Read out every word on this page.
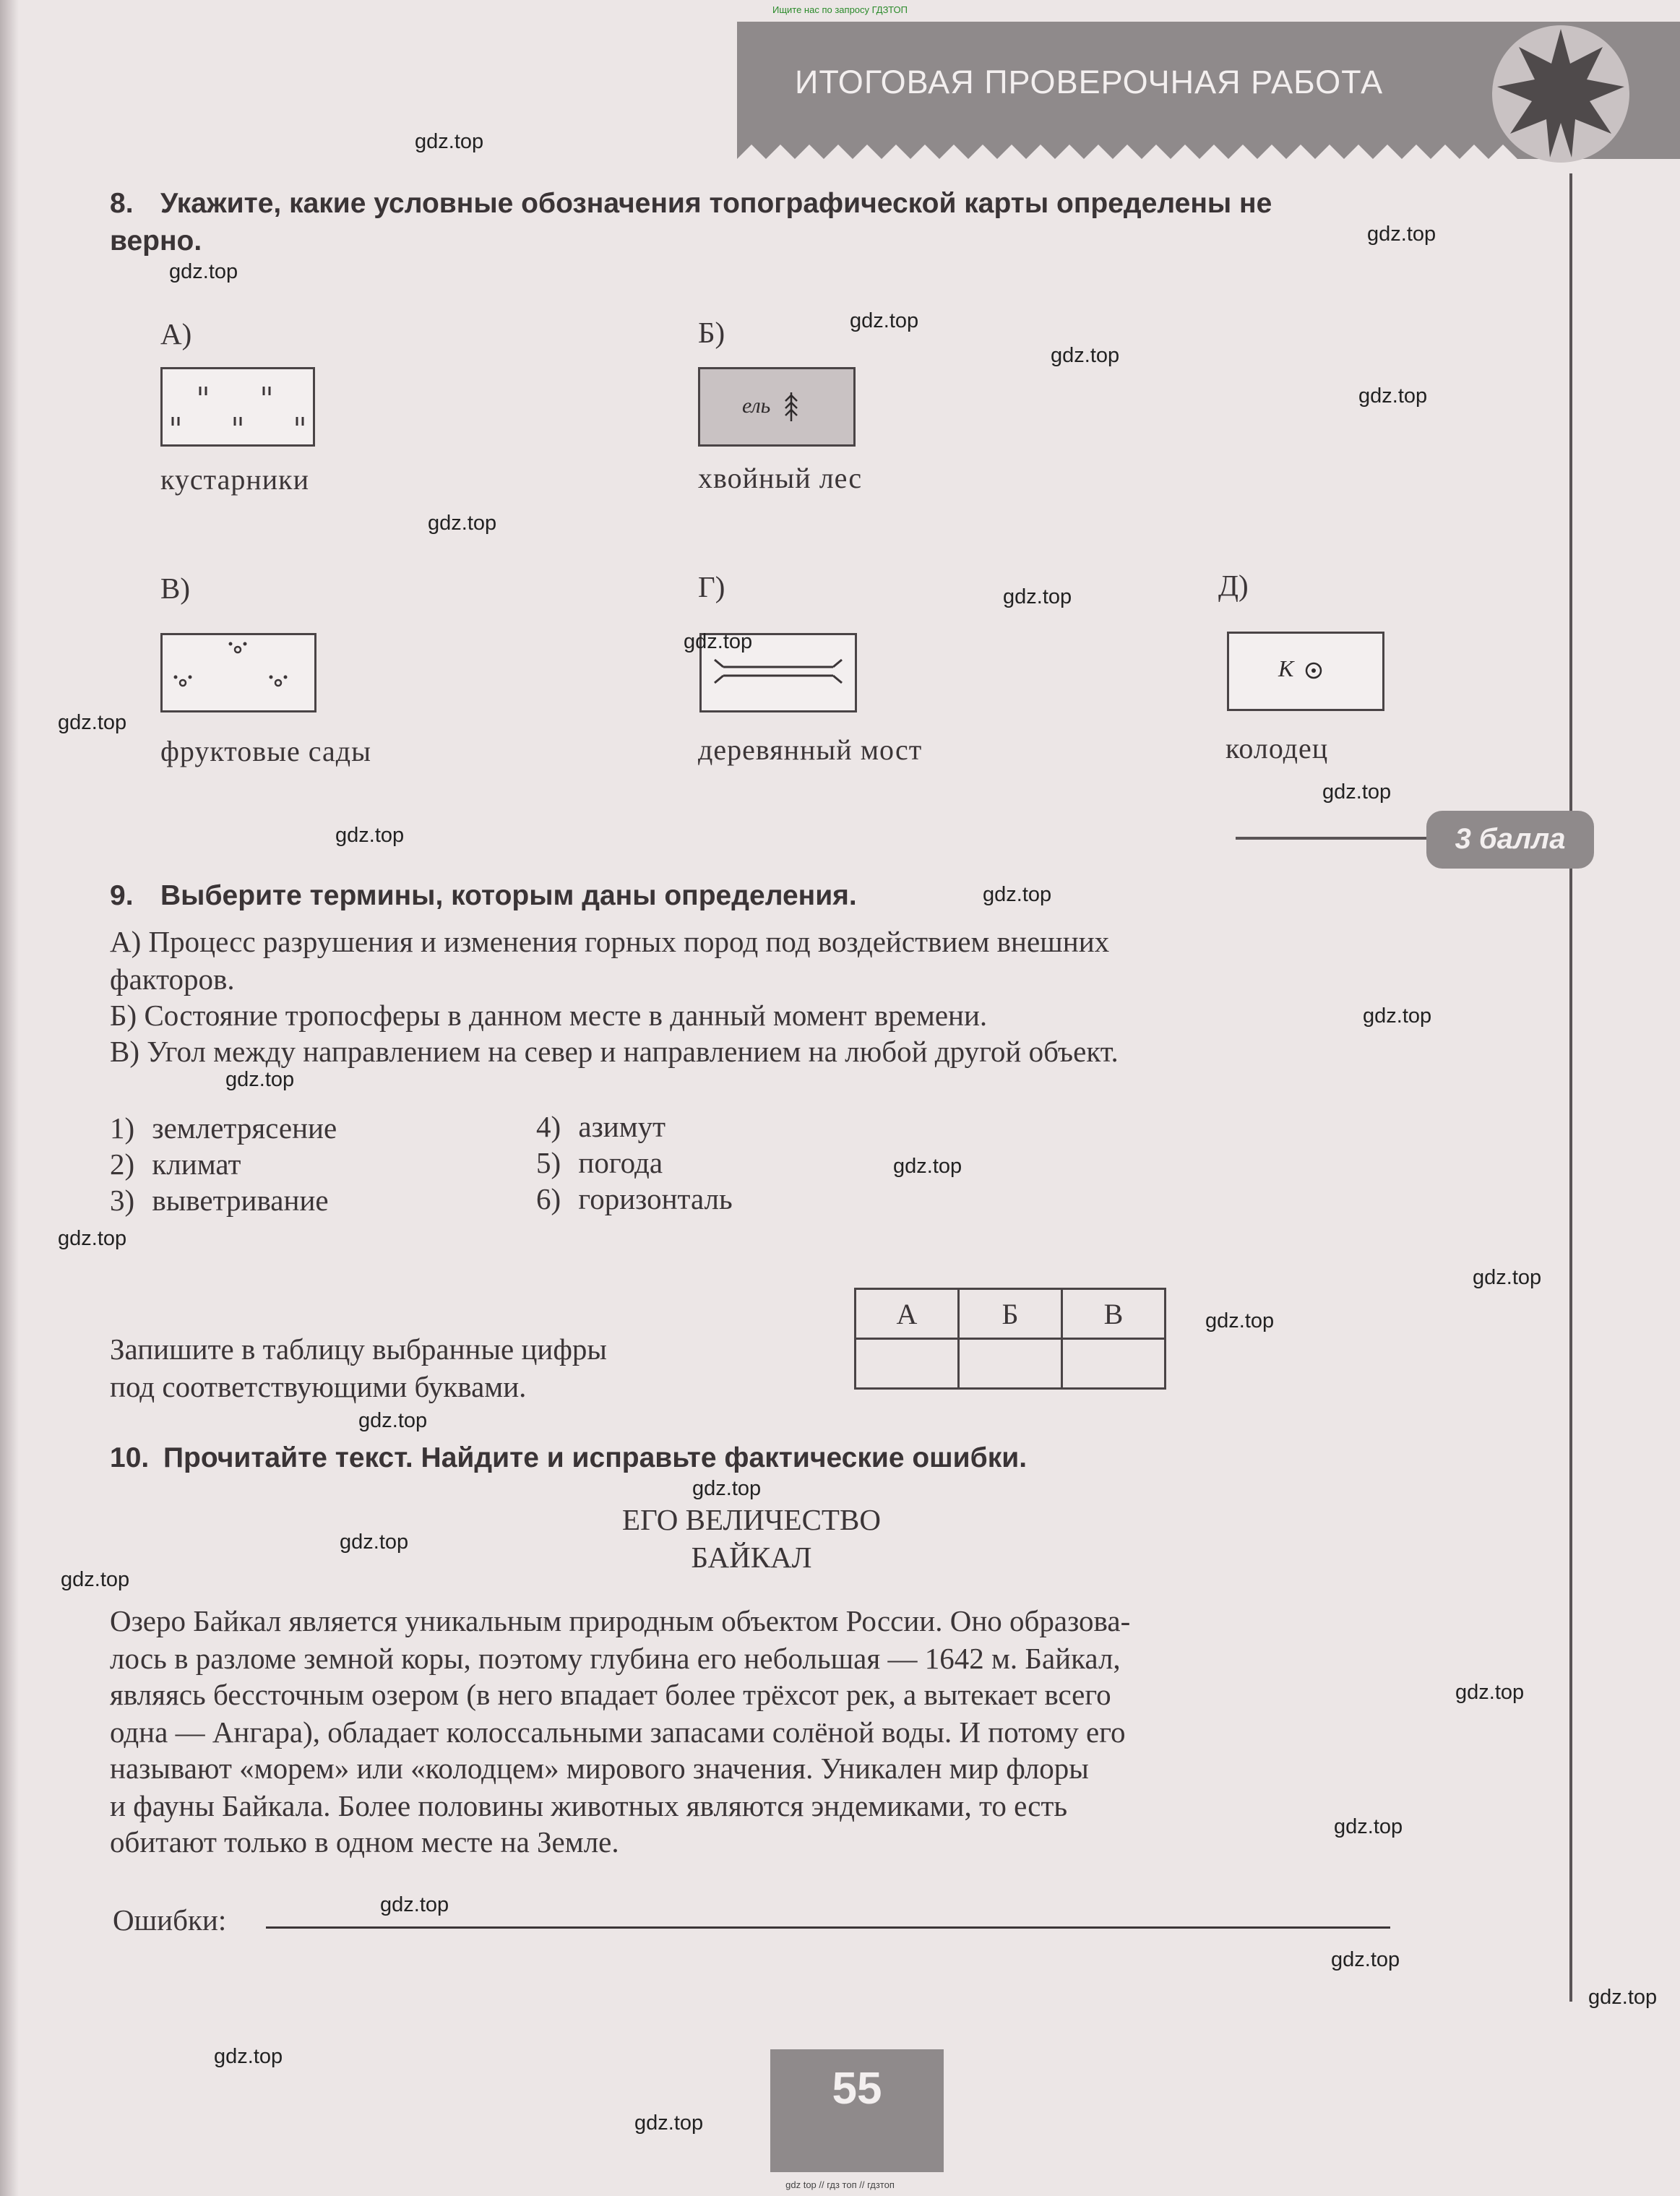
Ищите нас по запросу ГДЗТОП
ИТОГОВАЯ ПРОВЕРОЧНАЯ РАБОТА
8. Укажите, какие условные обозначения топографической карты определены не
верно.
А)
кустарники
Б)
ель
хвойный лес
В)
фруктовые сады
Г)
деревянный мост
Д)
К
колодец
3 балла
9. Выберите термины, которым даны определения.
А) Процесс разрушения и изменения горных пород под воздействием внешних
факторов.
Б) Состояние тропосферы в данном месте в данный момент времени.
В) Угол между направлением на север и направлением на любой другой объект.
1) землетрясение
2) климат
3) выветривание
4) азимут
5) погода
6) горизонталь
Запишите в таблицу выбранные цифры
под соответствующими буквами.
А	Б	В

10. Прочитайте текст. Найдите и исправьте фактические ошибки.
ЕГО ВЕЛИЧЕСТВО
БАЙКАЛ
Озеро Байкал является уникальным природным объектом России. Оно образова-
лось в разломе земной коры, поэтому глубина его небольшая — 1642 м. Байкал,
являясь бессточным озером (в него впадает более трёхсот рек, а вытекает всего
одна — Ангара), обладает колоссальными запасами солёной воды. И потому его
называют «морем» или «колодцем» мирового значения. Уникален мир флоры
и фауны Байкала. Более половины животных являются эндемиками, то есть
обитают только в одном месте на Земле.
Ошибки:
55
gdz top // гдз топ // гдзтоп
gdz.top
gdz.top
gdz.top
gdz.top
gdz.top
gdz.top
gdz.top
gdz.top
gdz.top
gdz.top
gdz.top
gdz.top
gdz.top
gdz.top
gdz.top
gdz.top
gdz.top
gdz.top
gdz.top
gdz.top
gdz.top
gdz.top
gdz.top
gdz.top
gdz.top
gdz.top
gdz.top
gdz.top
gdz.top
gdz.top
